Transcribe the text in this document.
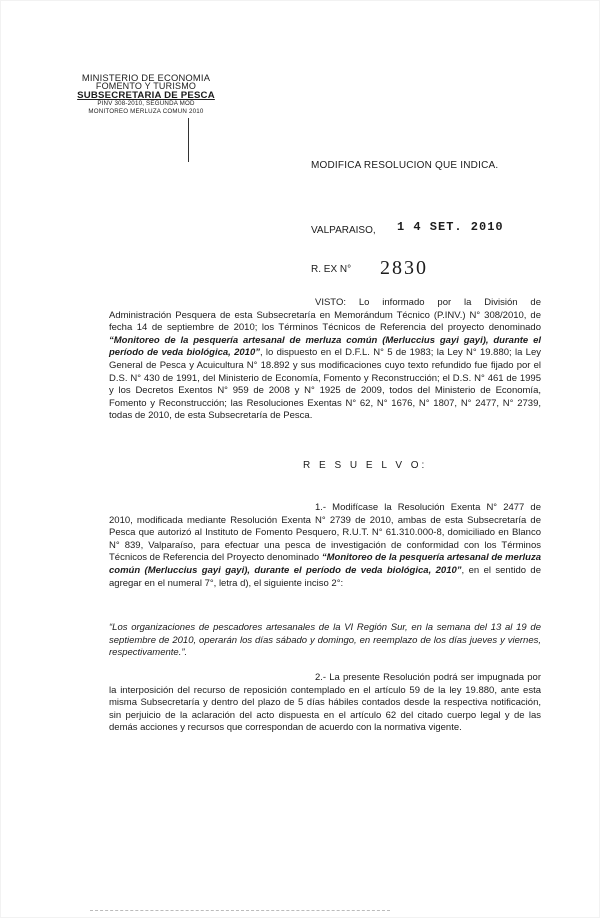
MINISTERIO DE ECONOMIA
FOMENTO Y TURISMO
SUBSECRETARIA DE PESCA
PINV 308-2010, SEGUNDA MOD
MONITOREO MERLUZA COMUN 2010
MODIFICA RESOLUCION QUE INDICA.
VALPARAISO, 1 4 SET. 2010
R. EX N° 2830
VISTO: Lo informado por la División de Administración Pesquera de esta Subsecretaría en Memorándum Técnico (P.INV.) N° 308/2010, de fecha 14 de septiembre de 2010; los Términos Técnicos de Referencia del proyecto denominado “Monitoreo de la pesquería artesanal de merluza común (Merluccius gayi gayi), durante el período de veda biológica, 2010”, lo dispuesto en el D.F.L. N° 5 de 1983; la Ley N° 19.880; la Ley General de Pesca y Acuicultura N° 18.892 y sus modificaciones cuyo texto refundido fue fijado por el D.S. N° 430 de 1991, del Ministerio de Economía, Fomento y Reconstrucción; el D.S. N° 461 de 1995 y los Decretos Exentos N° 959 de 2008 y N° 1925 de 2009, todos del Ministerio de Economía, Fomento y Reconstrucción; las Resoluciones Exentas N° 62, N° 1676, N° 1807, N° 2477, N° 2739, todas de 2010, de esta Subsecretaría de Pesca.
R E S U E L V O:
1.- Modifícase la Resolución Exenta N° 2477 de 2010, modificada mediante Resolución Exenta N° 2739 de 2010, ambas de esta Subsecretaría de Pesca que autorizó al Instituto de Fomento Pesquero, R.U.T. N° 61.310.000-8, domiciliado en Blanco N° 839, Valparaíso, para efectuar una pesca de investigación de conformidad con los Términos Técnicos de Referencia del Proyecto denominado “Monitoreo de la pesquería artesanal de merluza común (Merluccius gayi gayi), durante el período de veda biológica, 2010”, en el sentido de agregar en el numeral 7°, letra d), el siguiente inciso 2°:
“Los organizaciones de pescadores artesanales de la VI Región Sur, en la semana del 13 al 19 de septiembre de 2010, operarán los días sábado y domingo, en reemplazo de los días jueves y viernes, respectivamente.”.
2.- La presente Resolución podrá ser impugnada por la interposición del recurso de reposición contemplado en el artículo 59 de la ley 19.880, ante esta misma Subsecretaría y dentro del plazo de 5 días hábiles contados desde la respectiva notificación, sin perjuicio de la aclaración del acto dispuesta en el artículo 62 del citado cuerpo legal y de las demás acciones y recursos que correspondan de acuerdo con la normativa vigente.
